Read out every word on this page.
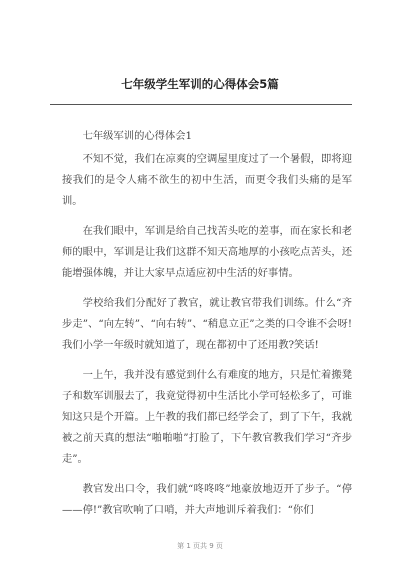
七年级学生军训的心得体会5篇

七年级军训的心得体会1

不知不觉，我们在凉爽的空调屋里度过了一个暑假，即将迎接我们的是令人痛不欲生的初中生活，而更令我们头痛的是军训。

在我们眼中，军训是给自己找苦头吃的差事，而在家长和老师的眼中，军训是让我们这群不知天高地厚的小孩吃点苦头，还能增强体魄，并让大家早点适应初中生活的好事情。

学校给我们分配好了教官，就让教官带我们训练。什么“齐步走”、“向左转”、“向右转”、“稍息立正”之类的口令谁不会呀!我们小学一年级时就知道了，现在都初中了还用教?笑话!

一上午，我并没有感觉到什么有难度的地方，只是忙着搬凳子和数军训服去了，我竟觉得初中生活比小学可轻松多了，可谁知这只是个开篇。上午教的我们都已经学会了，到了下午，我就被之前天真的想法“啪啪啪”打脸了，下午教官教我们学习“齐步走”。

教官发出口令，我们就“咚咚咚”地豪放地迈开了步子。“停——停!”教官吹响了口哨，并大声地训斥着我们：“你们

第 1 页共 9 页
